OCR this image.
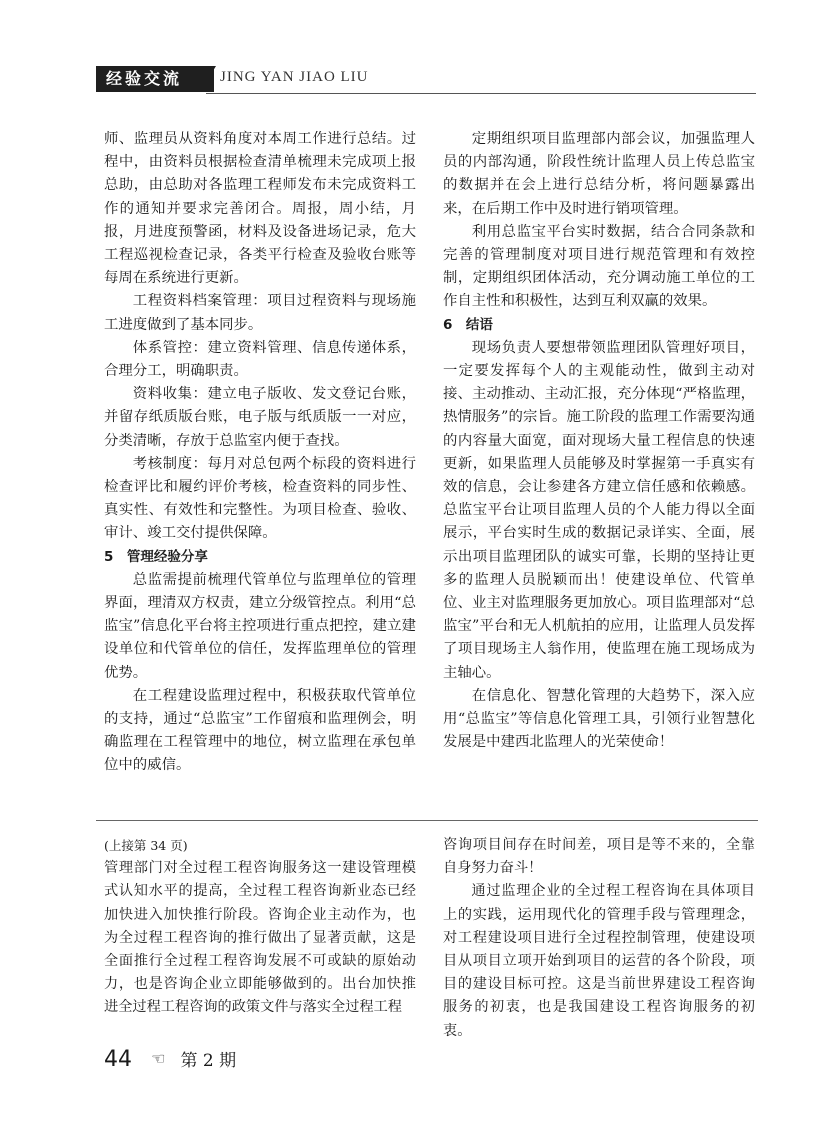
经验交流	JING YAN JIAO LIU

师、监理员从资料角度对本周工作进行总结。过程中，由资料员根据检查清单梳理未完成项上报总助，由总助对各监理工程师发布未完成资料工作的通知并要求完善闭合。周报，周小结，月报，月进度预警函，材料及设备进场记录，危大工程巡视检查记录，各类平行检查及验收台账等每周在系统进行更新。

工程资料档案管理：项目过程资料与现场施工进度做到了基本同步。

体系管控：建立资料管理、信息传递体系，合理分工，明确职责。

资料收集：建立电子版收、发文登记台账，并留存纸质版台账，电子版与纸质版一一对应，分类清晰，存放于总监室内便于查找。

考核制度：每月对总包两个标段的资料进行检查评比和履约评价考核，检查资料的同步性、真实性、有效性和完整性。为项目检查、验收、审计、竣工交付提供保障。

5　管理经验分享

总监需提前梳理代管单位与监理单位的管理界面，理清双方权责，建立分级管控点。利用“总监宝”信息化平台将主控项进行重点把控，建立建设单位和代管单位的信任，发挥监理单位的管理优势。

在工程建设监理过程中，积极获取代管单位的支持，通过“总监宝”工作留痕和监理例会，明确监理在工程管理中的地位，树立监理在承包单位中的威信。

定期组织项目监理部内部会议，加强监理人员的内部沟通，阶段性统计监理人员上传总监宝的数据并在会上进行总结分析，将问题暴露出来，在后期工作中及时进行销项管理。

利用总监宝平台实时数据，结合合同条款和完善的管理制度对项目进行规范管理和有效控制，定期组织团体活动，充分调动施工单位的工作自主性和积极性，达到互利双赢的效果。

6　结语

现场负责人要想带领监理团队管理好项目，一定要发挥每个人的主观能动性，做到主动对接、主动推动、主动汇报，充分体现“严格监理，热情服务”的宗旨。施工阶段的监理工作需要沟通的内容量大面宽，面对现场大量工程信息的快速更新，如果监理人员能够及时掌握第一手真实有效的信息，会让参建各方建立信任感和依赖感。总监宝平台让项目监理人员的个人能力得以全面展示，平台实时生成的数据记录详实、全面，展示出项目监理团队的诚实可靠，长期的坚持让更多的监理人员脱颖而出！使建设单位、代管单位、业主对监理服务更加放心。项目监理部对“总监宝”平台和无人机航拍的应用，让监理人员发挥了项目现场主人翁作用，使监理在施工现场成为主轴心。

在信息化、智慧化管理的大趋势下，深入应用“总监宝”等信息化管理工具，引领行业智慧化发展是中建西北监理人的光荣使命！

(上接第 34 页)

管理部门对全过程工程咨询服务这一建设管理模式认知水平的提高，全过程工程咨询新业态已经加快进入加快推行阶段。咨询企业主动作为，也为全过程工程咨询的推行做出了显著贡献，这是全面推行全过程工程咨询发展不可或缺的原始动力，也是咨询企业立即能够做到的。出台加快推进全过程工程咨询的政策文件与落实全过程工程

咨询项目间存在时间差，项目是等不来的，全靠自身努力奋斗！

通过监理企业的全过程工程咨询在具体项目上的实践，运用现代化的管理手段与管理理念，对工程建设项目进行全过程控制管理，使建设项目从项目立项开始到项目的运营的各个阶段，项目的建设目标可控。这是当前世界建设工程咨询服务的初衷，也是我国建设工程咨询服务的初衷。

44 ☜ 第 2 期
